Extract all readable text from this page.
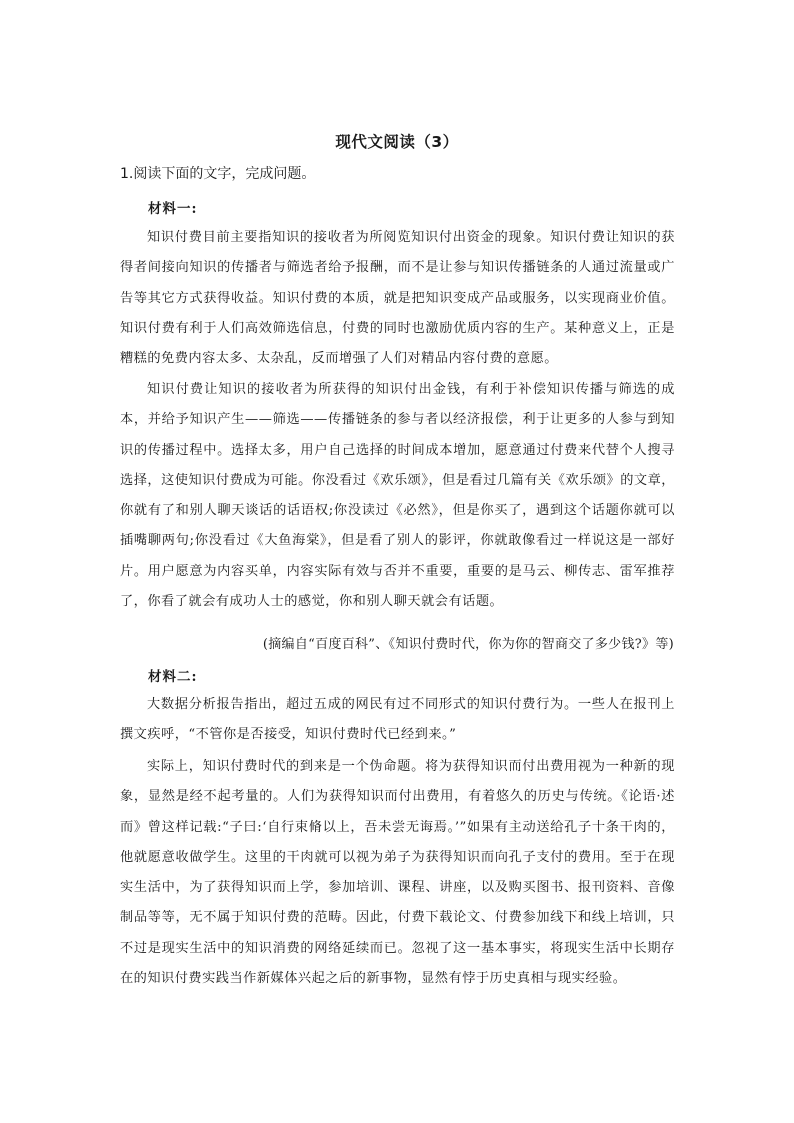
现代文阅读（3）
1.阅读下面的文字，完成问题。
材料一:
知识付费目前主要指知识的接收者为所阅览知识付出资金的现象。知识付费让知识的获得者间接向知识的传播者与筛选者给予报酬，而不是让参与知识传播链条的人通过流量或广告等其它方式获得收益。知识付费的本质，就是把知识变成产品或服务，以实现商业价值。知识付费有利于人们高效筛选信息，付费的同时也激励优质内容的生产。某种意义上，正是糟糕的免费内容太多、太杂乱，反而增强了人们对精品内容付费的意愿。
知识付费让知识的接收者为所获得的知识付出金钱，有利于补偿知识传播与筛选的成本，并给予知识产生——筛选——传播链条的参与者以经济报偿，利于让更多的人参与到知识的传播过程中。选择太多，用户自己选择的时间成本增加，愿意通过付费来代替个人搜寻选择，这使知识付费成为可能。你没看过《欢乐颂》，但是看过几篇有关《欢乐颂》的文章，你就有了和别人聊天谈话的话语权;你没读过《必然》，但是你买了，遇到这个话题你就可以插嘴聊两句;你没看过《大鱼海棠》，但是看了别人的影评，你就敢像看过一样说这是一部好片。用户愿意为内容买单，内容实际有效与否并不重要，重要的是马云、柳传志、雷军推荐了，你看了就会有成功人士的感觉，你和别人聊天就会有话题。
(摘编自“百度百科”、《知识付费时代，你为你的智商交了多少钱?》等)
材料二:
大数据分析报告指出，超过五成的网民有过不同形式的知识付费行为。一些人在报刊上撰文疾呼，“不管你是否接受，知识付费时代已经到来。”
实际上，知识付费时代的到来是一个伪命题。将为获得知识而付出费用视为一种新的现象，显然是经不起考量的。人们为获得知识而付出费用，有着悠久的历史与传统。《论语·述而》曾这样记载:“子曰:‘自行束脩以上，吾未尝无诲焉。’”如果有主动送给孔子十条干肉的，他就愿意收做学生。这里的干肉就可以视为弟子为获得知识而向孔子支付的费用。至于在现实生活中，为了获得知识而上学，参加培训、课程、讲座，以及购买图书、报刊资料、音像制品等等，无不属于知识付费的范畴。因此，付费下载论文、付费参加线下和线上培训，只不过是现实生活中的知识消费的网络延续而已。忽视了这一基本事实，将现实生活中长期存在的知识付费实践当作新媒体兴起之后的新事物，显然有悖于历史真相与现实经验。
